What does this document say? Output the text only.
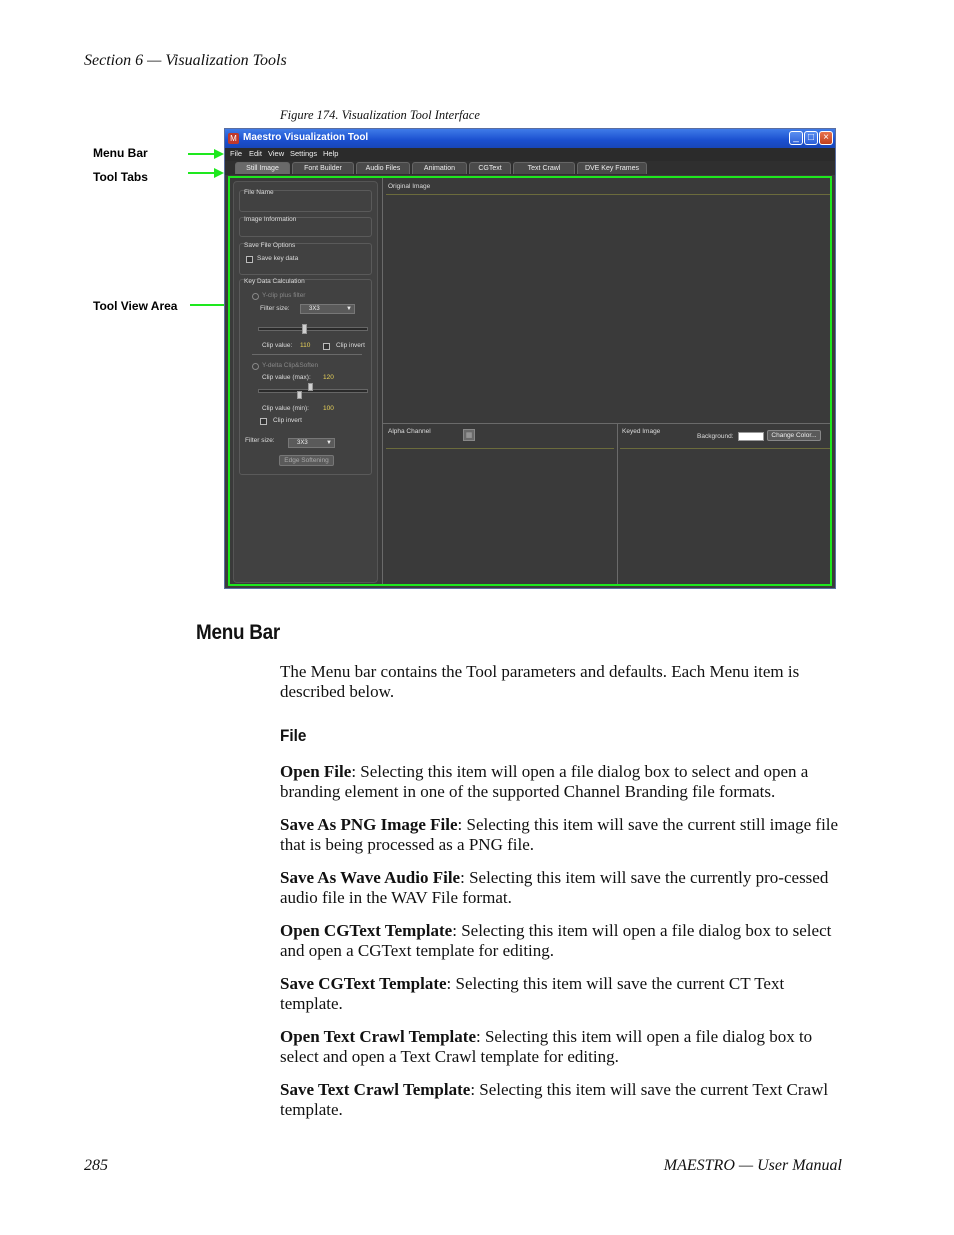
Section 6 — Visualization Tools
Figure 174. Visualization Tool Interface
Menu Bar
Tool Tabs
Tool View Area
M Maestro Visualization Tool	_ □ ×
File Edit View Settings Help
Still Image	Font Builder	Audio Files	Animation	CGText	Text Crawl	DVE Key Frames
File Name
Image Information
Save File Options
Save key data
Key Data Calculation
Y-clip plus filter
Filter size:	3X3	▼
Clip value: 110	Clip invert
Y-delta Clip&Soften
Clip value (max): 120
Clip value (min): 100
Clip invert
Filter size:	3X3	▼
Edge Softening
Original Image
Alpha Channel	▦	Keyed Image
Background:	Change Color...
Menu Bar
The Menu bar contains the Tool parameters and defaults. Each Menu item is described below.
File
Open File: Selecting this item will open a file dialog box to select and open a branding element in one of the supported Channel Branding file formats.
Save As PNG Image File: Selecting this item will save the current still image file that is being processed as a PNG file.
Save As Wave Audio File: Selecting this item will save the currently pro-cessed audio file in the WAV File format.
Open CGText Template: Selecting this item will open a file dialog box to select and open a CGText template for editing.
Save CGText Template: Selecting this item will save the current CT Text template.
Open Text Crawl Template: Selecting this item will open a file dialog box to select and open a Text Crawl template for editing.
Save Text Crawl Template: Selecting this item will save the current Text Crawl template.
285	MAESTRO — User Manual
